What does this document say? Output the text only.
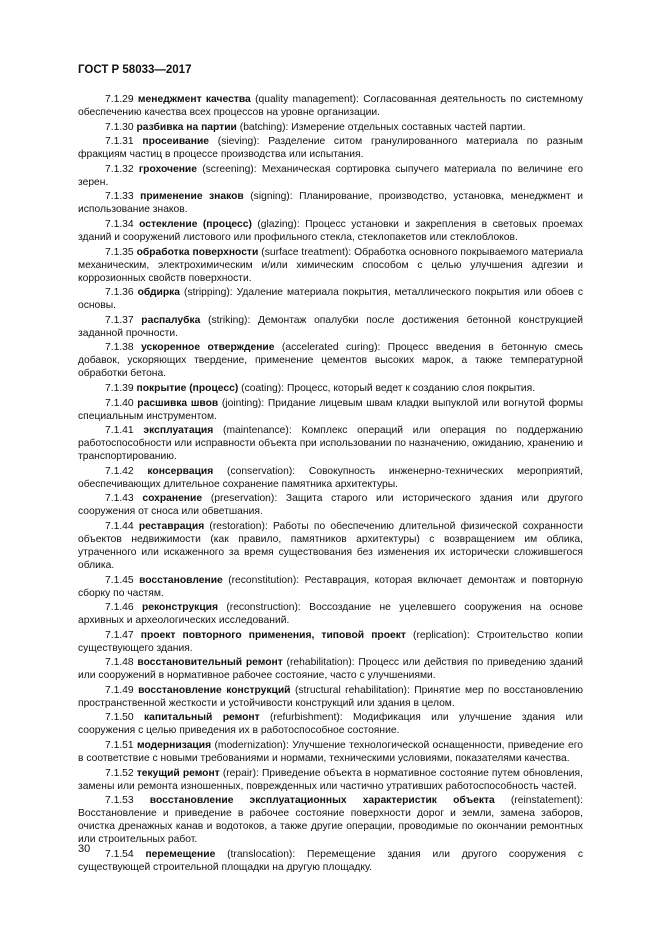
ГОСТ Р 58033—2017

7.1.29 менеджмент качества (quality management): Согласованная деятельность по системному обеспечению качества всех процессов на уровне организации.

7.1.30 разбивка на партии (batching): Измерение отдельных составных частей партии.

7.1.31 просеивание (sieving): Разделение ситом гранулированного материала по разным фракциям частиц в процессе производства или испытания.

7.1.32 грохочение (screening): Механическая сортировка сыпучего материала по величине его зерен.

7.1.33 применение знаков (signing): Планирование, производство, установка, менеджмент и использование знаков.

7.1.34 остекление (процесс) (glazing): Процесс установки и закрепления в световых проемах зданий и сооружений листового или профильного стекла, стеклопакетов или стеклоблоков.

7.1.35 обработка поверхности (surface treatment): Обработка основного покрываемого материала механическим, электрохимическим и/или химическим способом с целью улучшения адгезии и коррозионных свойств поверхности.

7.1.36 обдирка (stripping): Удаление материала покрытия, металлического покрытия или обоев с основы.

7.1.37 распалубка (striking): Демонтаж опалубки после достижения бетонной конструкцией заданной прочности.

7.1.38 ускоренное отверждение (accelerated curing): Процесс введения в бетонную смесь добавок, ускоряющих твердение, применение цементов высоких марок, а также температурной обработки бетона.

7.1.39 покрытие (процесс) (coating): Процесс, который ведет к созданию слоя покрытия.

7.1.40 расшивка швов (jointing): Придание лицевым швам кладки выпуклой или вогнутой формы специальным инструментом.

7.1.41 эксплуатация (maintenance): Комплекс операций или операция по поддержанию работоспособности или исправности объекта при использовании по назначению, ожиданию, хранению и транспортированию.

7.1.42 консервация (conservation): Совокупность инженерно-технических мероприятий, обеспечивающих длительное сохранение памятника архитектуры.

7.1.43 сохранение (preservation): Защита старого или исторического здания или другого сооружения от сноса или обветшания.

7.1.44 реставрация (restoration): Работы по обеспечению длительной физической сохранности объектов недвижимости (как правило, памятников архитектуры) с возвращением им облика, утраченного или искаженного за время существования без изменения их исторически сложившегося облика.

7.1.45 восстановление (reconstitution): Реставрация, которая включает демонтаж и повторную сборку по частям.

7.1.46 реконструкция (reconstruction): Воссоздание не уцелевшего сооружения на основе архивных и археологических исследований.

7.1.47 проект повторного применения, типовой проект (replication): Строительство копии существующего здания.

7.1.48 восстановительный ремонт (rehabilitation): Процесс или действия по приведению зданий или сооружений в нормативное рабочее состояние, часто с улучшениями.

7.1.49 восстановление конструкций (structural rehabilitation): Принятие мер по восстановлению пространственной жесткости и устойчивости конструкций или здания в целом.

7.1.50 капитальный ремонт (refurbishment): Модификация или улучшение здания или сооружения с целью приведения их в работоспособное состояние.

7.1.51 модернизация (modernization): Улучшение технологической оснащенности, приведение его в соответствие с новыми требованиями и нормами, техническими условиями, показателями качества.

7.1.52 текущий ремонт (repair): Приведение объекта в нормативное состояние путем обновления, замены или ремонта изношенных, поврежденных или частично утративших работоспособность частей.

7.1.53 восстановление эксплуатационных характеристик объекта (reinstatement): Восстановление и приведение в рабочее состояние поверхности дорог и земли, замена заборов, очистка дренажных канав и водотоков, а также другие операции, проводимые по окончании ремонтных или строительных работ.

7.1.54 перемещение (translocation): Перемещение здания или другого сооружения с существующей строительной площадки на другую площадку.

30
